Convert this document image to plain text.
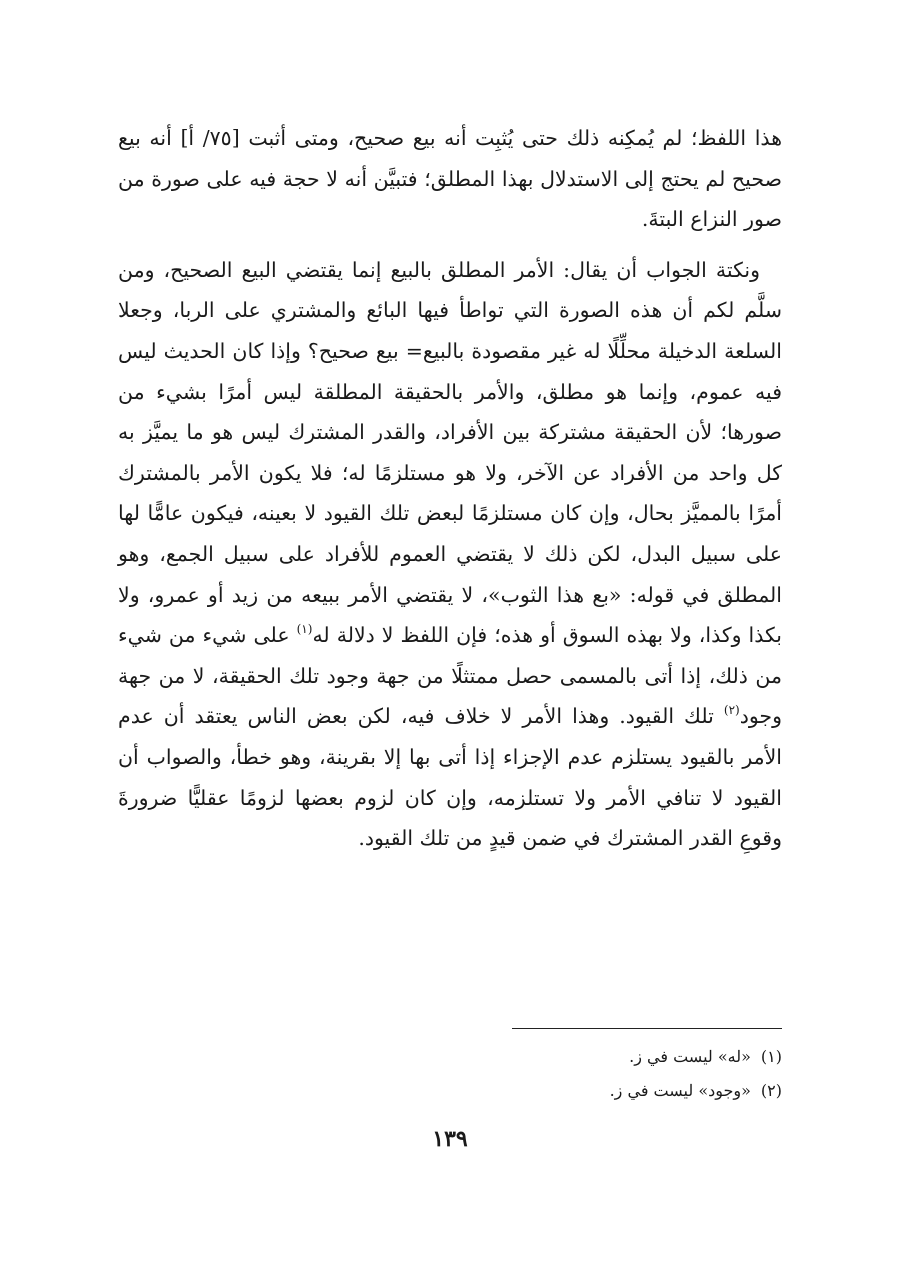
هذا اللفظ؛ لم يُمكِنه ذلك حتى يُثبِت أنه بيع صحيح، ومتى أثبت [٧٥/ أ] أنه بيع صحيح لم يحتج إلى الاستدلال بهذا المطلق؛ فتبيَّن أنه لا حجة فيه على صورة من صور النزاع البتةَ.

ونكتة الجواب أن يقال: الأمر المطلق بالبيع إنما يقتضي البيع الصحيح، ومن سلَّم لكم أن هذه الصورة التي تواطأ فيها البائع والمشتري على الربا، وجعلا السلعة الدخيلة محلِّلًا له غير مقصودة بالبيع= بيع صحيح؟ وإذا كان الحديث ليس فيه عموم، وإنما هو مطلق، والأمر بالحقيقة المطلقة ليس أمرًا بشيء من صورها؛ لأن الحقيقة مشتركة بين الأفراد، والقدر المشترك ليس هو ما يميَّز به كل واحد من الأفراد عن الآخر، ولا هو مستلزمًا له؛ فلا يكون الأمر بالمشترك أمرًا بالمميَّز بحال، وإن كان مستلزمًا لبعض تلك القيود لا بعينه، فيكون عامًّا لها على سبيل البدل، لكن ذلك لا يقتضي العموم للأفراد على سبيل الجمع، وهو المطلق في قوله: «بع هذا الثوب»، لا يقتضي الأمر ببيعه من زيد أو عمرو، ولا بكذا وكذا، ولا بهذه السوق أو هذه؛ فإن اللفظ لا دلالة له$^{(١)}$ على شيء من شيء من ذلك، إذا أتى بالمسمى حصل ممتثلًا من جهة وجود تلك الحقيقة، لا من جهة وجود$^{(٢)}$ تلك القيود. وهذا الأمر لا خلاف فيه، لكن بعض الناس يعتقد أن عدم الأمر بالقيود يستلزم عدم الإجزاء إذا أتى بها إلا بقرينة، وهو خطأ، والصواب أن القيود لا تنافي الأمر ولا تستلزمه، وإن كان لزوم بعضها لزومًا عقليًّا ضرورةَ وقوعِ القدر المشترك في ضمن قيدٍ من تلك القيود.

(١)«له» ليست في ز.

(٢)«وجود» ليست في ز.

١٣٩
